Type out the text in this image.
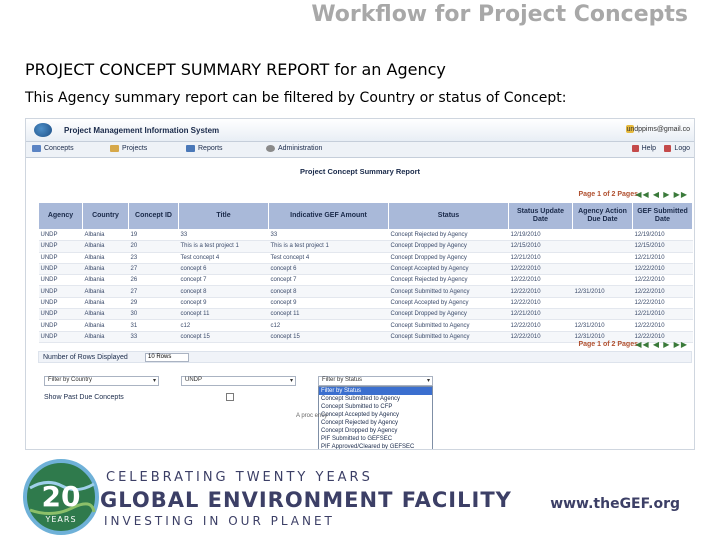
Workflow for Project Concepts
PROJECT CONCEPT SUMMARY REPORT for an Agency
This Agency summary report can be filtered by Country or status of Concept:
Project Management Information System	undppims@gmail.co
Concepts	Projects	Reports	Administration	Help	Logo
Project Concept Summary Report
Page 1 of 2 Pages
◀◀ ◀ ▶ ▶▶
Agency	Country	Concept ID	Title	Indicative GEF Amount	Status	Status Update Date	Agency Action Due Date	GEF Submitted Date
UNDP	Albania	19	33	33	Concept Rejected by Agency	12/19/2010		12/19/2010
UNDP	Albania	20	This is a test project 1	This is a test project 1	Concept Dropped by Agency	12/15/2010		12/15/2010
UNDP	Albania	23	Test concept 4	Test concept 4	Concept Dropped by Agency	12/21/2010		12/21/2010
UNDP	Albania	27	concept 6	concept 6	Concept Accepted by Agency	12/22/2010		12/22/2010
UNDP	Albania	26	concept 7	concept 7	Concept Rejected by Agency	12/22/2010		12/22/2010
UNDP	Albania	27	concept 8	concept 8	Concept Submitted to Agency	12/22/2010	12/31/2010	12/22/2010
UNDP	Albania	29	concept 9	concept 9	Concept Accepted by Agency	12/22/2010		12/22/2010
UNDP	Albania	30	concept 11	concept 11	Concept Dropped by Agency	12/21/2010		12/21/2010
UNDP	Albania	31	c12	c12	Concept Submitted to Agency	12/22/2010	12/31/2010	12/22/2010
UNDP	Albania	33	concept 15	concept 15	Concept Submitted to Agency	12/22/2010	12/31/2010	12/22/2010
Page 1 of 2 Pages
◀◀ ◀ ▶ ▶▶
Number of Rows Displayed	10 Rows
Filter by Country	▾	UNDP	▾	Filter by Status	▾
Filter by Status
Concept Submitted to Agency
Concept Submitted to CFP
Concept Accepted by Agency
Concept Rejected by Agency
Concept Dropped by Agency
PIF Submitted to GEFSEC
PIF Approved/Cleared by GEFSEC
Show Past Due Concepts
A proc ency
20
YEARS
CELEBRATING TWENTY YEARS
GLOBAL ENVIRONMENT FACILITY
INVESTING IN OUR PLANET
www.theGEF.org
